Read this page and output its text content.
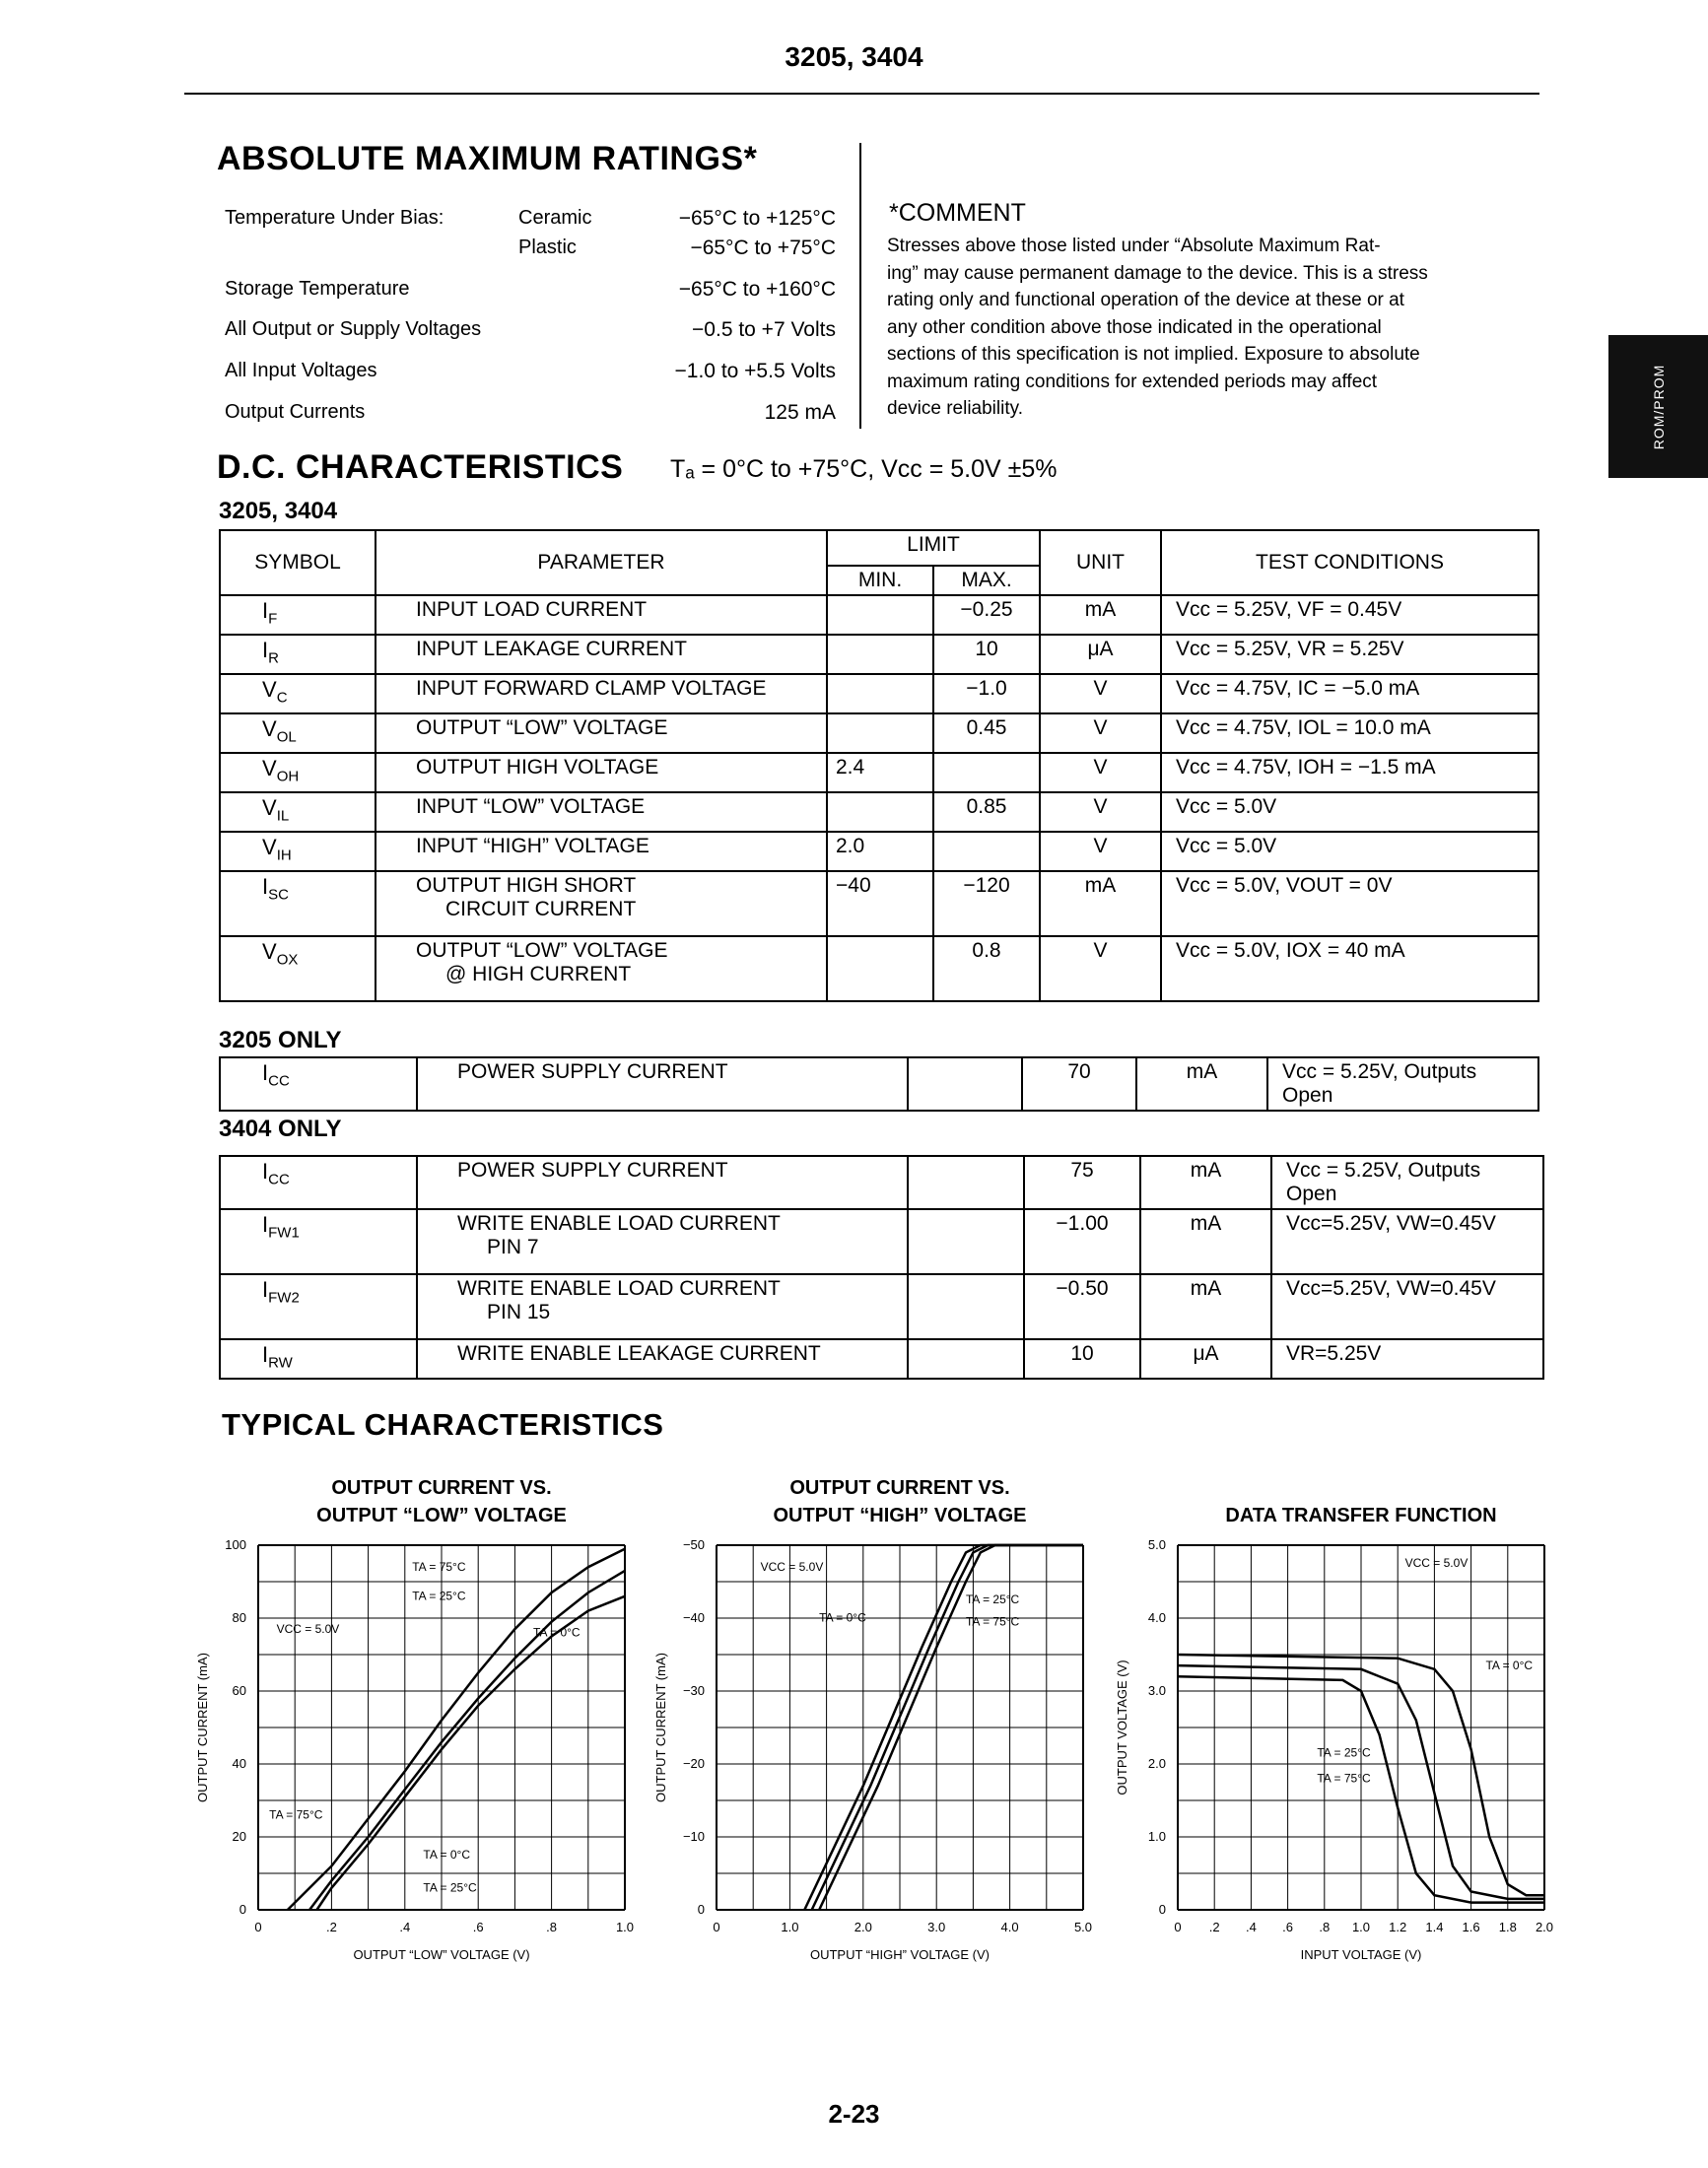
3205, 3404
ROM/PROM
ABSOLUTE MAXIMUM RATINGS*
Temperature Under Bias:	Ceramic	−65°C to +125°C
Plastic	−65°C to +75°C
Storage Temperature	−65°C to +160°C
All Output or Supply Voltages	−0.5 to +7 Volts
All Input Voltages	−1.0 to +5.5 Volts
Output Currents	125 mA
*COMMENT
Stresses above those listed under “Absolute Maximum Rat-
ing” may cause permanent damage to the device. This is a stress
rating only and functional operation of the device at these or at
any other condition above those indicated in the operational
sections of this specification is not implied. Exposure to absolute
maximum rating conditions for extended periods may affect
device reliability.
D.C. CHARACTERISTICS Tₐ = 0°C to +75°C, Vcc = 5.0V ±5%
3205, 3404
SYMBOL	PARAMETER	LIMIT		UNIT	TEST CONDITIONS
		MIN.	MAX.		
$I_F$	INPUT LOAD CURRENT		−0.25	mA	Vcc = 5.25V, VF = 0.45V
$I_R$	INPUT LEAKAGE CURRENT		10	μA	Vcc = 5.25V, VR = 5.25V
$V_C$	INPUT FORWARD CLAMP VOLTAGE		−1.0	V	Vcc = 4.75V, IC = −5.0 mA
$V_{OL}$	OUTPUT “LOW” VOLTAGE		0.45	V	Vcc = 4.75V, IOL = 10.0 mA
$V_{OH}$	OUTPUT HIGH VOLTAGE	2.4		V	Vcc = 4.75V, IOH = −1.5 mA
$V_{IL}$	INPUT “LOW” VOLTAGE		0.85	V	Vcc = 5.0V
$V_{IH}$	INPUT “HIGH” VOLTAGE	2.0		V	Vcc = 5.0V
$I_{SC}$	OUTPUT HIGH SHORT
CIRCUIT CURRENT	−40	−120	mA	Vcc = 5.0V, VOUT = 0V
$V_{OX}$	OUTPUT “LOW” VOLTAGE
@ HIGH CURRENT		0.8	V	Vcc = 5.0V, IOX = 40 mA
3205 ONLY
$I_{CC}$	POWER SUPPLY CURRENT		70	mA	Vcc = 5.25V, Outputs Open
3404 ONLY
$I_{CC}$	POWER SUPPLY CURRENT		75	mA	Vcc = 5.25V, Outputs Open
$I_{FW1}$	WRITE ENABLE LOAD CURRENT
PIN 7		−1.00	mA	Vcc=5.25V, VW=0.45V
$I_{FW2}$	WRITE ENABLE LOAD CURRENT
PIN 15		−0.50	mA	Vcc=5.25V, VW=0.45V
$I_{RW}$	WRITE ENABLE LEAKAGE CURRENT		10	μA	VR=5.25V
TYPICAL CHARACTERISTICS
OUTPUT CURRENT VS.
OUTPUT “LOW” VOLTAGE
0	.2	.4	.6	.8	1.0
0
20
40
60
80
100
OUTPUT “LOW” VOLTAGE (V)
OUTPUT CURRENT (mA)
TA = 75°C
TA = 25°C
VCC = 5.0V	TA = 0°C
TA = 75°C
TA = 0°C
TA = 25°C
OUTPUT CURRENT VS.
OUTPUT “HIGH” VOLTAGE
0	1.0	2.0	3.0	4.0	5.0
0
−10
−20
−30
−40
−50
OUTPUT “HIGH” VOLTAGE (V)
OUTPUT CURRENT (mA)
VCC = 5.0V
TA = 25°C
TA = 0°C	TA = 75°C
DATA TRANSFER FUNCTION
0 .2 .4 .6 .8 1.0 1.2 1.4 1.6 1.8 2.0
0
1.0
2.0
3.0
4.0
5.0
INPUT VOLTAGE (V)
OUTPUT VOLTAGE (V)
VCC = 5.0V
TA = 0°C
TA = 25°C
TA = 75°C
2-23
